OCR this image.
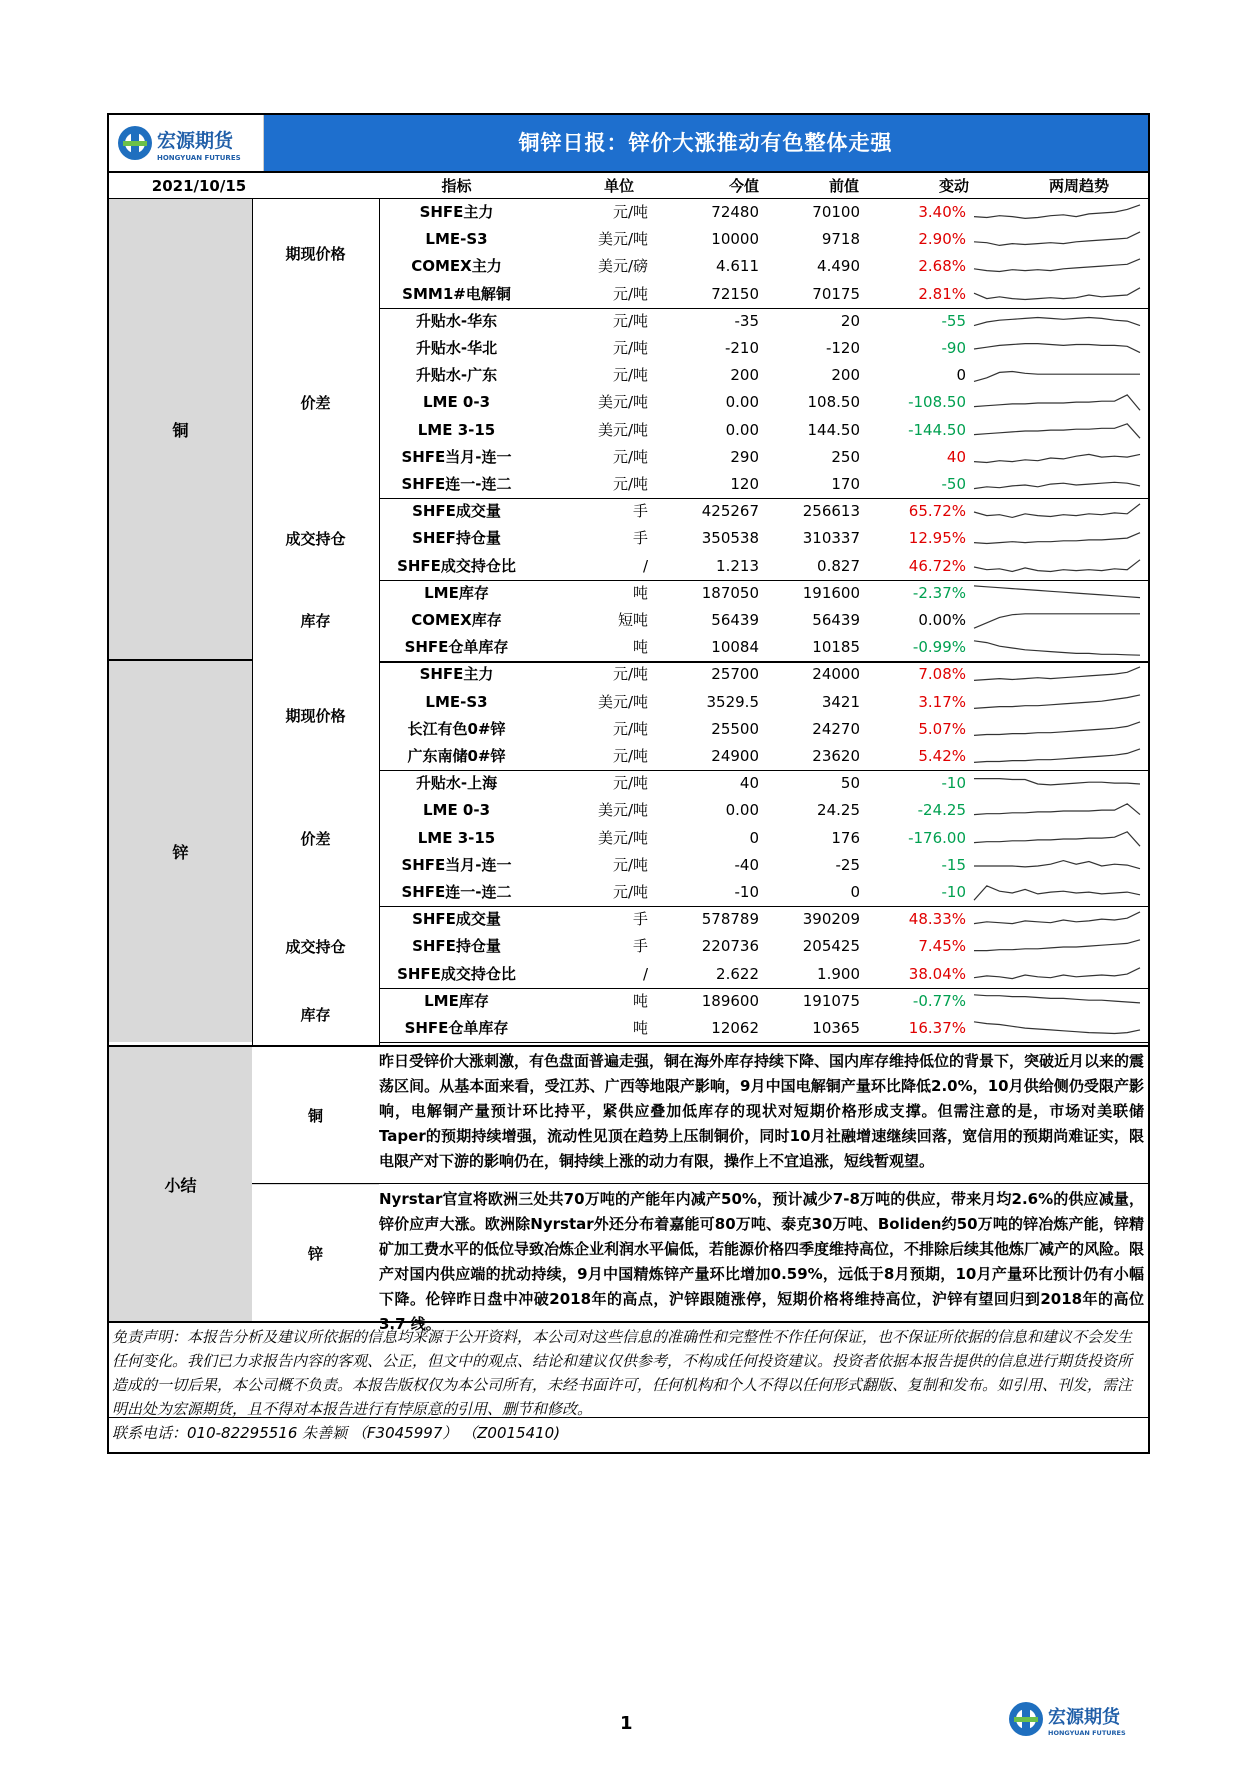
宏源期货
HONGYUAN FUTURES
铜锌日报：锌价大涨推动有色整体走强
2021/10/15	指标	单位	今值	前值	变动	两周趋势
铜
期现价格
SHFE主力	元/吨	72480	70100	3.40%
LME-S3	美元/吨	10000	9718	2.90%
COMEX主力	美元/磅	4.611	4.490	2.68%
SMM1#电解铜	元/吨	72150	70175	2.81%
价差
升贴水-华东	元/吨	-35	20	-55
升贴水-华北	元/吨	-210	-120	-90
升贴水-广东	元/吨	200	200	0
LME 0-3	美元/吨	0.00	108.50	-108.50
LME 3-15	美元/吨	0.00	144.50	-144.50
SHFE当月-连一	元/吨	290	250	40
SHFE连一-连二	元/吨	120	170	-50
成交持仓
SHFE成交量	手	425267	256613	65.72%
SHEF持仓量	手	350538	310337	12.95%
SHFE成交持仓比	/	1.213	0.827	46.72%
库存
LME库存	吨	187050	191600	-2.37%
COMEX库存	短吨	56439	56439	0.00%
SHFE仓单库存	吨	10084	10185	-0.99%
锌
期现价格
SHFE主力	元/吨	25700	24000	7.08%
LME-S3	美元/吨	3529.5	3421	3.17%
长江有色0#锌	元/吨	25500	24270	5.07%
广东南储0#锌	元/吨	24900	23620	5.42%
价差
升贴水-上海	元/吨	40	50	-10
LME 0-3	美元/吨	0.00	24.25	-24.25
LME 3-15	美元/吨	0	176	-176.00
SHFE当月-连一	元/吨	-40	-25	-15
SHFE连一-连二	元/吨	-10	0	-10
成交持仓
SHFE成交量	手	578789	390209	48.33%
SHFE持仓量	手	220736	205425	7.45%
SHFE成交持仓比	/	2.622	1.900	38.04%
库存
LME库存	吨	189600	191075	-0.77%
SHFE仓单库存	吨	12062	10365	16.37%
小结
铜
锌
昨日受锌价大涨刺激，有色盘面普遍走强，铜在海外库存持续下降、国内库存维持低位的背景下，突破近月以来的震荡区间。从基本面来看，受江苏、广西等地限产影响，9月中国电解铜产量环比降低2.0%，10月供给侧仍受限产影响，电解铜产量预计环比持平，紧供应叠加低库存的现状对短期价格形成支撑。但需注意的是，市场对美联储Taper的预期持续增强，流动性见顶在趋势上压制铜价，同时10月社融增速继续回落，宽信用的预期尚难证实，限电限产对下游的影响仍在，铜持续上涨的动力有限，操作上不宜追涨，短线暂观望。
Nyrstar官宣将欧洲三处共70万吨的产能年内减产50%，预计减少7-8万吨的供应，带来月均2.6%的供应减量，锌价应声大涨。欧洲除Nyrstar外还分布着嘉能可80万吨、泰克30万吨、Boliden约50万吨的锌冶炼产能，锌精矿加工费水平的低位导致冶炼企业利润水平偏低，若能源价格四季度维持高位，不排除后续其他炼厂减产的风险。限产对国内供应端的扰动持续，9月中国精炼锌产量环比增加0.59%，远低于8月预期，10月产量环比预计仍有小幅下降。伦锌昨日盘中冲破2018年的高点，沪锌跟随涨停，短期价格将维持高位，沪锌有望回归到2018年的高位3.7 线。
免责声明：本报告分析及建议所依据的信息均来源于公开资料，本公司对这些信息的准确性和完整性不作任何保证，也不保证所依据的信息和建议不会发生任何变化。我们已力求报告内容的客观、公正，但文中的观点、结论和建议仅供参考，不构成任何投资建议。投资者依据本报告提供的信息进行期货投资所造成的一切后果，本公司概不负责。本报告版权仅为本公司所有，未经书面许可，任何机构和个人不得以任何形式翻版、复制和发布。如引用、刊发，需注明出处为宏源期货，且不得对本报告进行有悖原意的引用、删节和修改。
联系电话：010-82295516 朱善颖 （F3045997） （Z0015410)
1	宏源期货
HONGYUAN FUTURES
